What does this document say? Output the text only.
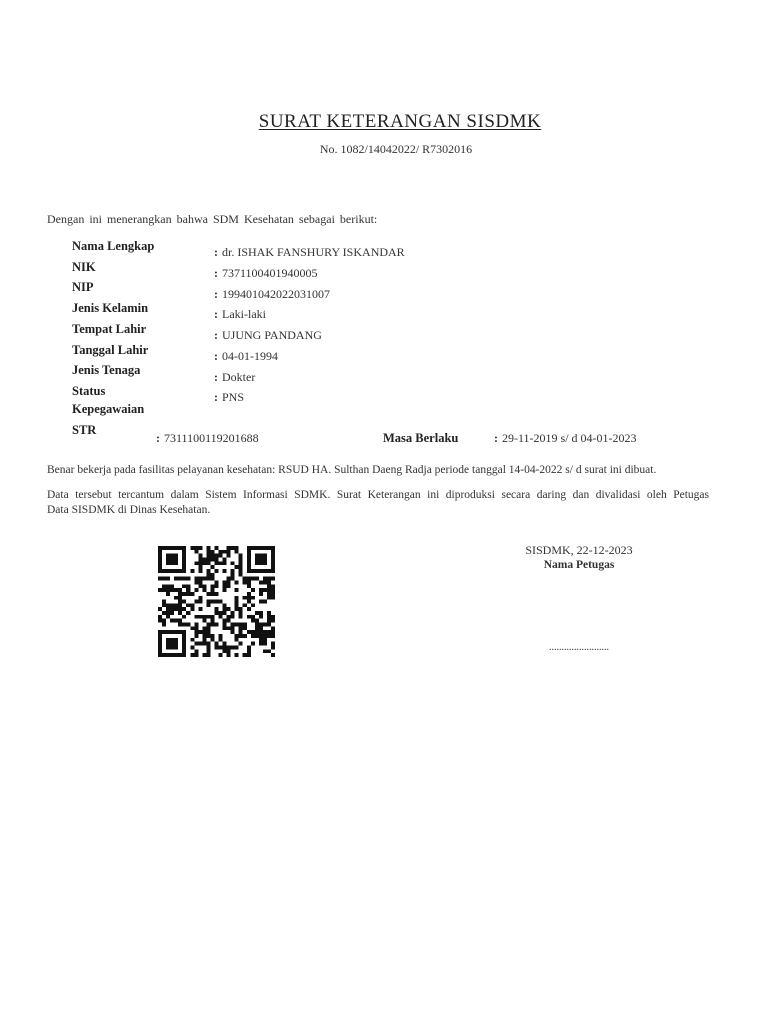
SURAT KETERANGAN SISDMK
No. 1082/14042022/ R7302016
Dengan ini menerangkan bahwa SDM Kesehatan sebagai berikut:
Nama Lengkap
NIK
NIP
Jenis Kelamin
Tempat Lahir
Tanggal Lahir
Jenis Tenaga
Status
Kepegawaian
STR
: dr. ISHAK FANSHURY ISKANDAR
: 7371100401940005
: 199401042022031007
: Laki-laki
: UJUNG PANDANG
: 04-01-1994
: Dokter
: PNS
: 7311100119201688	Masa Berlaku	: 29-11-2019 s/ d 04-01-2023
Benar bekerja pada fasilitas pelayanan kesehatan: RSUD HA. Sulthan Daeng Radja periode tanggal 14-04-2022 s/ d surat ini dibuat.
Data tersebut tercantum dalam Sistem Informasi SDMK. Surat Keterangan ini diproduksi secara daring dan divalidasi oleh Petugas
Data SISDMK di Dinas Kesehatan.
SISDMK, 22-12-2023
Nama Petugas
........................
